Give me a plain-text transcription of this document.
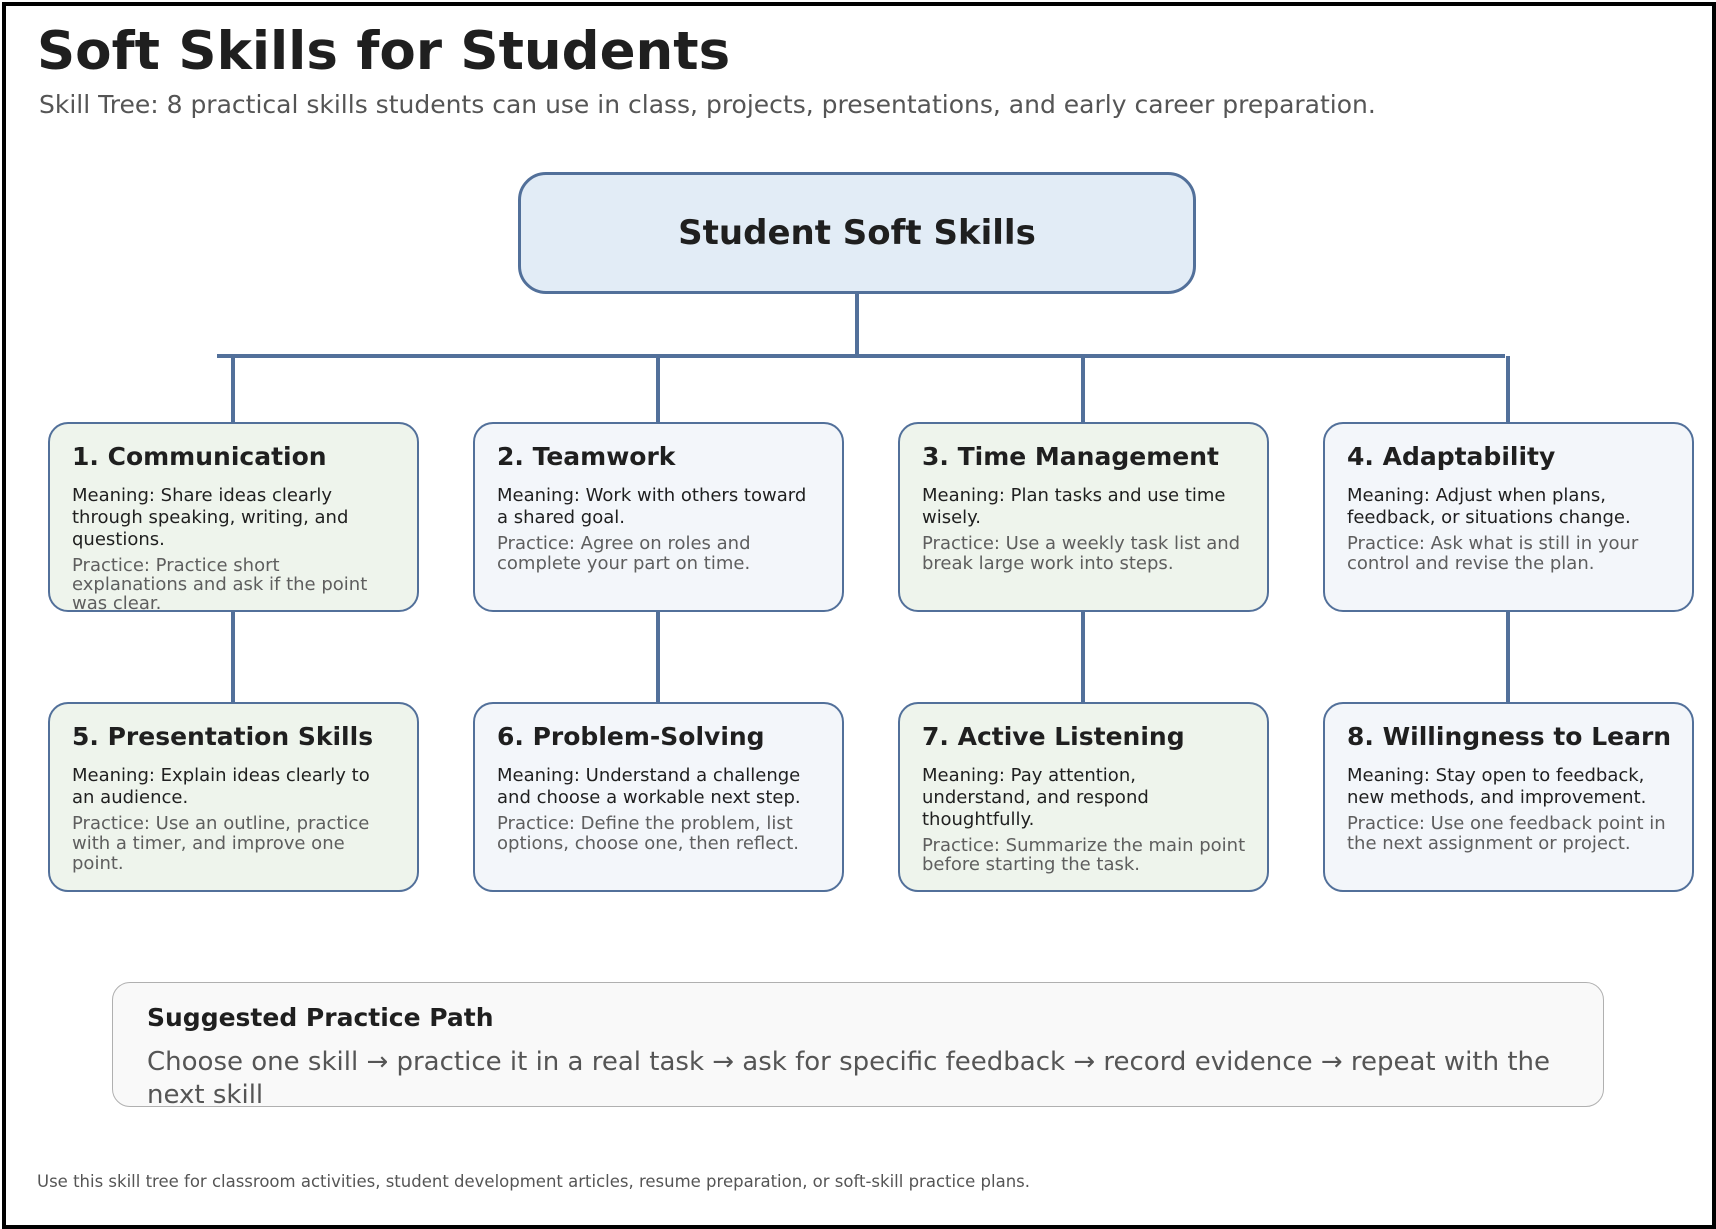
Soft Skills for Students

Skill Tree: 8 practical skills students can use in class, projects, presentations, and early career preparation.

Student Soft Skills
1. Communication

Meaning: Share ideas clearly through speaking, writing, and questions.

Practice: Practice short explanations and ask if the point was clear.

2. Teamwork

Meaning: Work with others toward a shared goal.

Practice: Agree on roles and complete your part on time.

3. Time Management

Meaning: Plan tasks and use time wisely.

Practice: Use a weekly task list and break large work into steps.

4. Adaptability

Meaning: Adjust when plans, feedback, or situations change.

Practice: Ask what is still in your control and revise the plan.

5. Presentation Skills

Meaning: Explain ideas clearly to an audience.

Practice: Use an outline, practice with a timer, and improve one point.

6. Problem-Solving

Meaning: Understand a challenge and choose a workable next step.

Practice: Define the problem, list options, choose one, then reflect.

7. Active Listening

Meaning: Pay attention, understand, and respond thoughtfully.

Practice: Summarize the main point before starting the task.

8. Willingness to Learn

Meaning: Stay open to feedback, new methods, and improvement.

Practice: Use one feedback point in the next assignment or project.

Suggested Practice Path

Choose one skill → practice it in a real task → ask for specific feedback → record evidence → repeat with the next skill

Use this skill tree for classroom activities, student development articles, resume preparation, or soft-skill practice plans.
